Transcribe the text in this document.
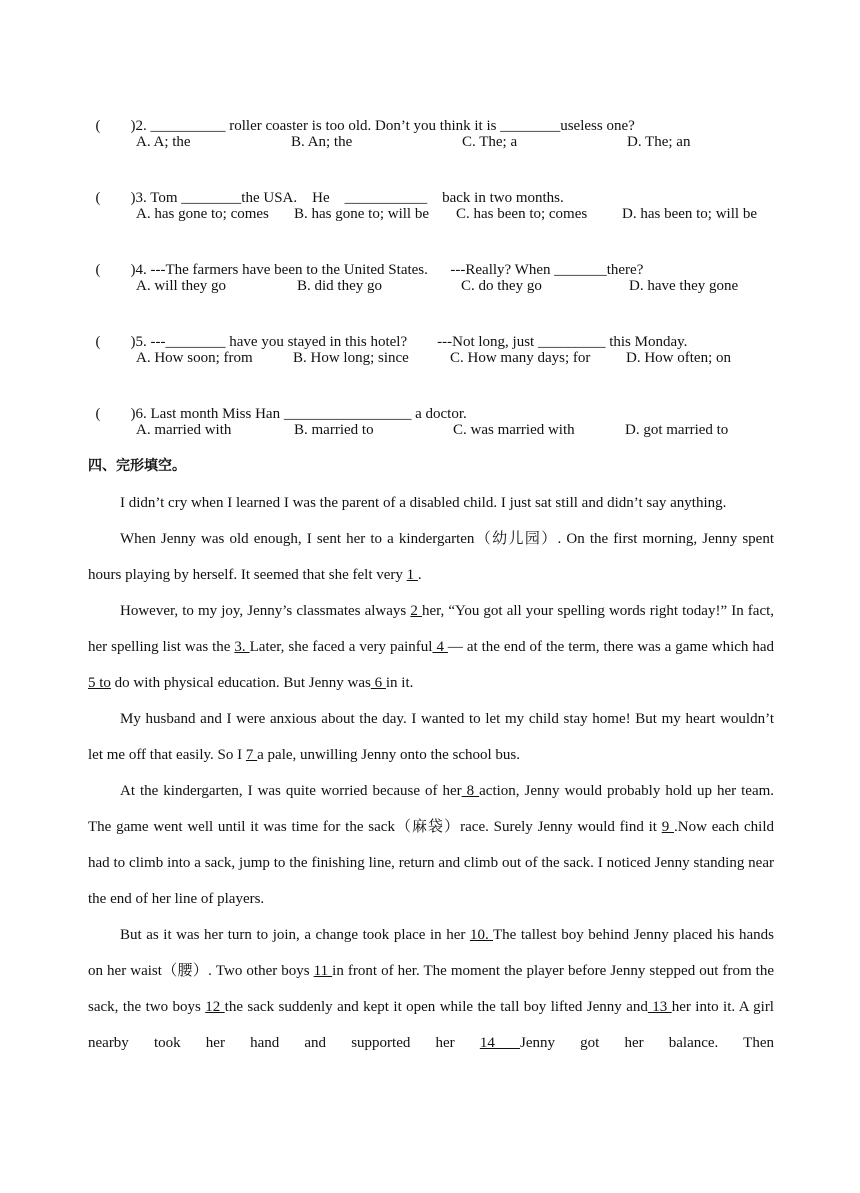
(        )2. __________ roller coaster is too old. Don’t you think it is ________useless one?

A. A; the	B. An; the	C. The; a	D. The; an

(        )3. Tom ________the USA.    He    ___________    back in two months.

A. has gone to; comes B. has gone to; will be C. has been to; comes D. has been to; will be

(        )4. ---The farmers have been to the United States.      ---Really? When _______there?

A. will they go	B. did they go	C. do they go	D. have they gone

(        )5. ---________ have you stayed in this hotel?        ---Not long, just _________ this Monday.

A. How soon; from	B. How long; since	C. How many days; for D. How often; on

(        )6. Last month Miss Han _________________ a doctor.

A. married with	B. married to	C. was married with	D. got married to
四、完形填空。

I didn’t cry when I learned I was the parent of a disabled child. I just sat still and didn’t say anything.

When Jenny was old enough, I sent her to a kindergarten（幼儿园）. On the first morning, Jenny spent hours playing by herself. It seemed that she felt very 1 .

However, to my joy, Jenny’s classmates always 2 her, “You got all your spelling words right today!” In fact, her spelling list was the 3. Later, she faced a very painful 4 — at the end of the term, there was a game which had 5 to do with physical education. But Jenny was 6 in it.

My husband and I were anxious about the day. I wanted to let my child stay home! But my heart wouldn’t let me off that easily. So I 7 a pale, unwilling Jenny onto the school bus.

At the kindergarten, I was quite worried because of her 8 action, Jenny would probably hold up her team. The game went well until it was time for the sack（麻袋）race. Surely Jenny would find it 9 .Now each child had to climb into a sack, jump to the finishing line, return and climb out of the sack. I noticed Jenny standing near the end of her line of players.

But as it was her turn to join, a change took place in her 10. The tallest boy behind Jenny placed his hands on her waist（腰）. Two other boys 11 in front of her. The moment the player before Jenny stepped out from the sack, the two boys 12 the sack suddenly and kept it open while the tall boy lifted Jenny and 13 her into it. A girl nearby took her hand and supported her 14 Jenny got her balance. Then
